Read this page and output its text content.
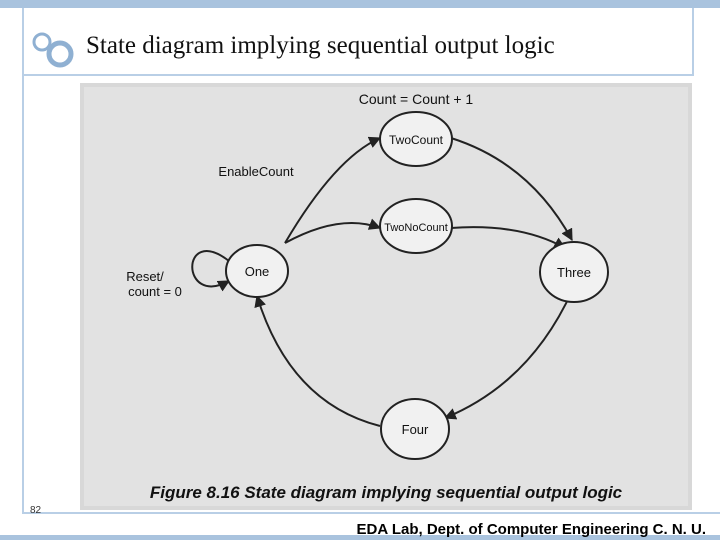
State diagram implying sequential output logic
One
TwoCount
TwoNoCount
Three
Four
Count = Count + 1
EnableCount
Reset/
count = 0
Figure 8.16 State diagram implying sequential output logic
82
EDA Lab, Dept. of Computer Engineering C. N. U.
